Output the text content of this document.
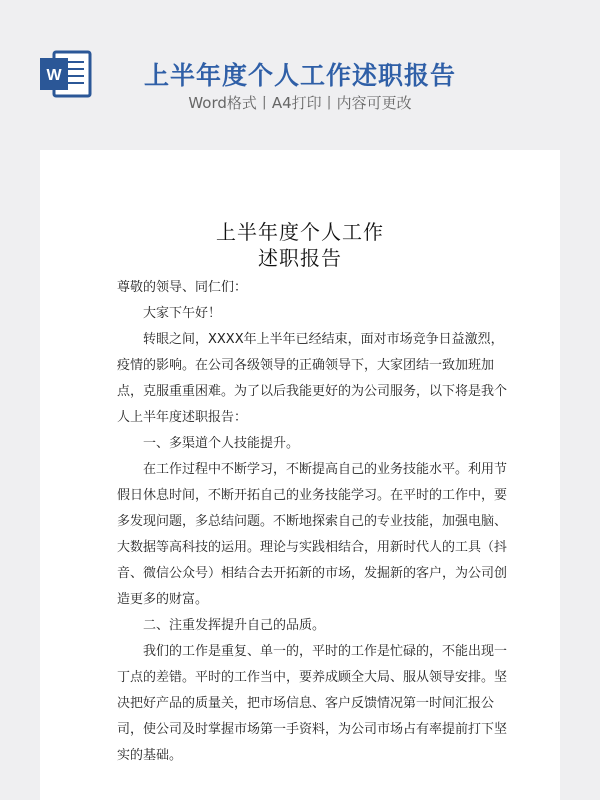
W	上半年度个人工作述职报告
Word格式丨A4打印丨内容可更改
上半年度个人工作
述职报告

尊敬的领导、同仁们：

大家下午好！

转眼之间，XXXX年上半年已经结束，面对市场竞争日益激烈，疫情的影响。在公司各级领导的正确领导下，大家团结一致加班加点，克服重重困难。为了以后我能更好的为公司服务，以下将是我个人上半年度述职报告：

一、多渠道个人技能提升。

在工作过程中不断学习，不断提高自己的业务技能水平。利用节假日休息时间，不断开拓自己的业务技能学习。在平时的工作中，要多发现问题，多总结问题。不断地探索自己的专业技能，加强电脑、大数据等高科技的运用。理论与实践相结合，用新时代人的工具（抖音、微信公众号）相结合去开拓新的市场，发掘新的客户，为公司创造更多的财富。

二、注重发挥提升自己的品质。

我们的工作是重复、单一的，平时的工作是忙碌的，不能出现一丁点的差错。平时的工作当中，要养成顾全大局、服从领导安排。坚决把好产品的质量关，把市场信息、客户反馈情况第一时间汇报公司，使公司及时掌握市场第一手资料，为公司市场占有率提前打下坚实的基础。
